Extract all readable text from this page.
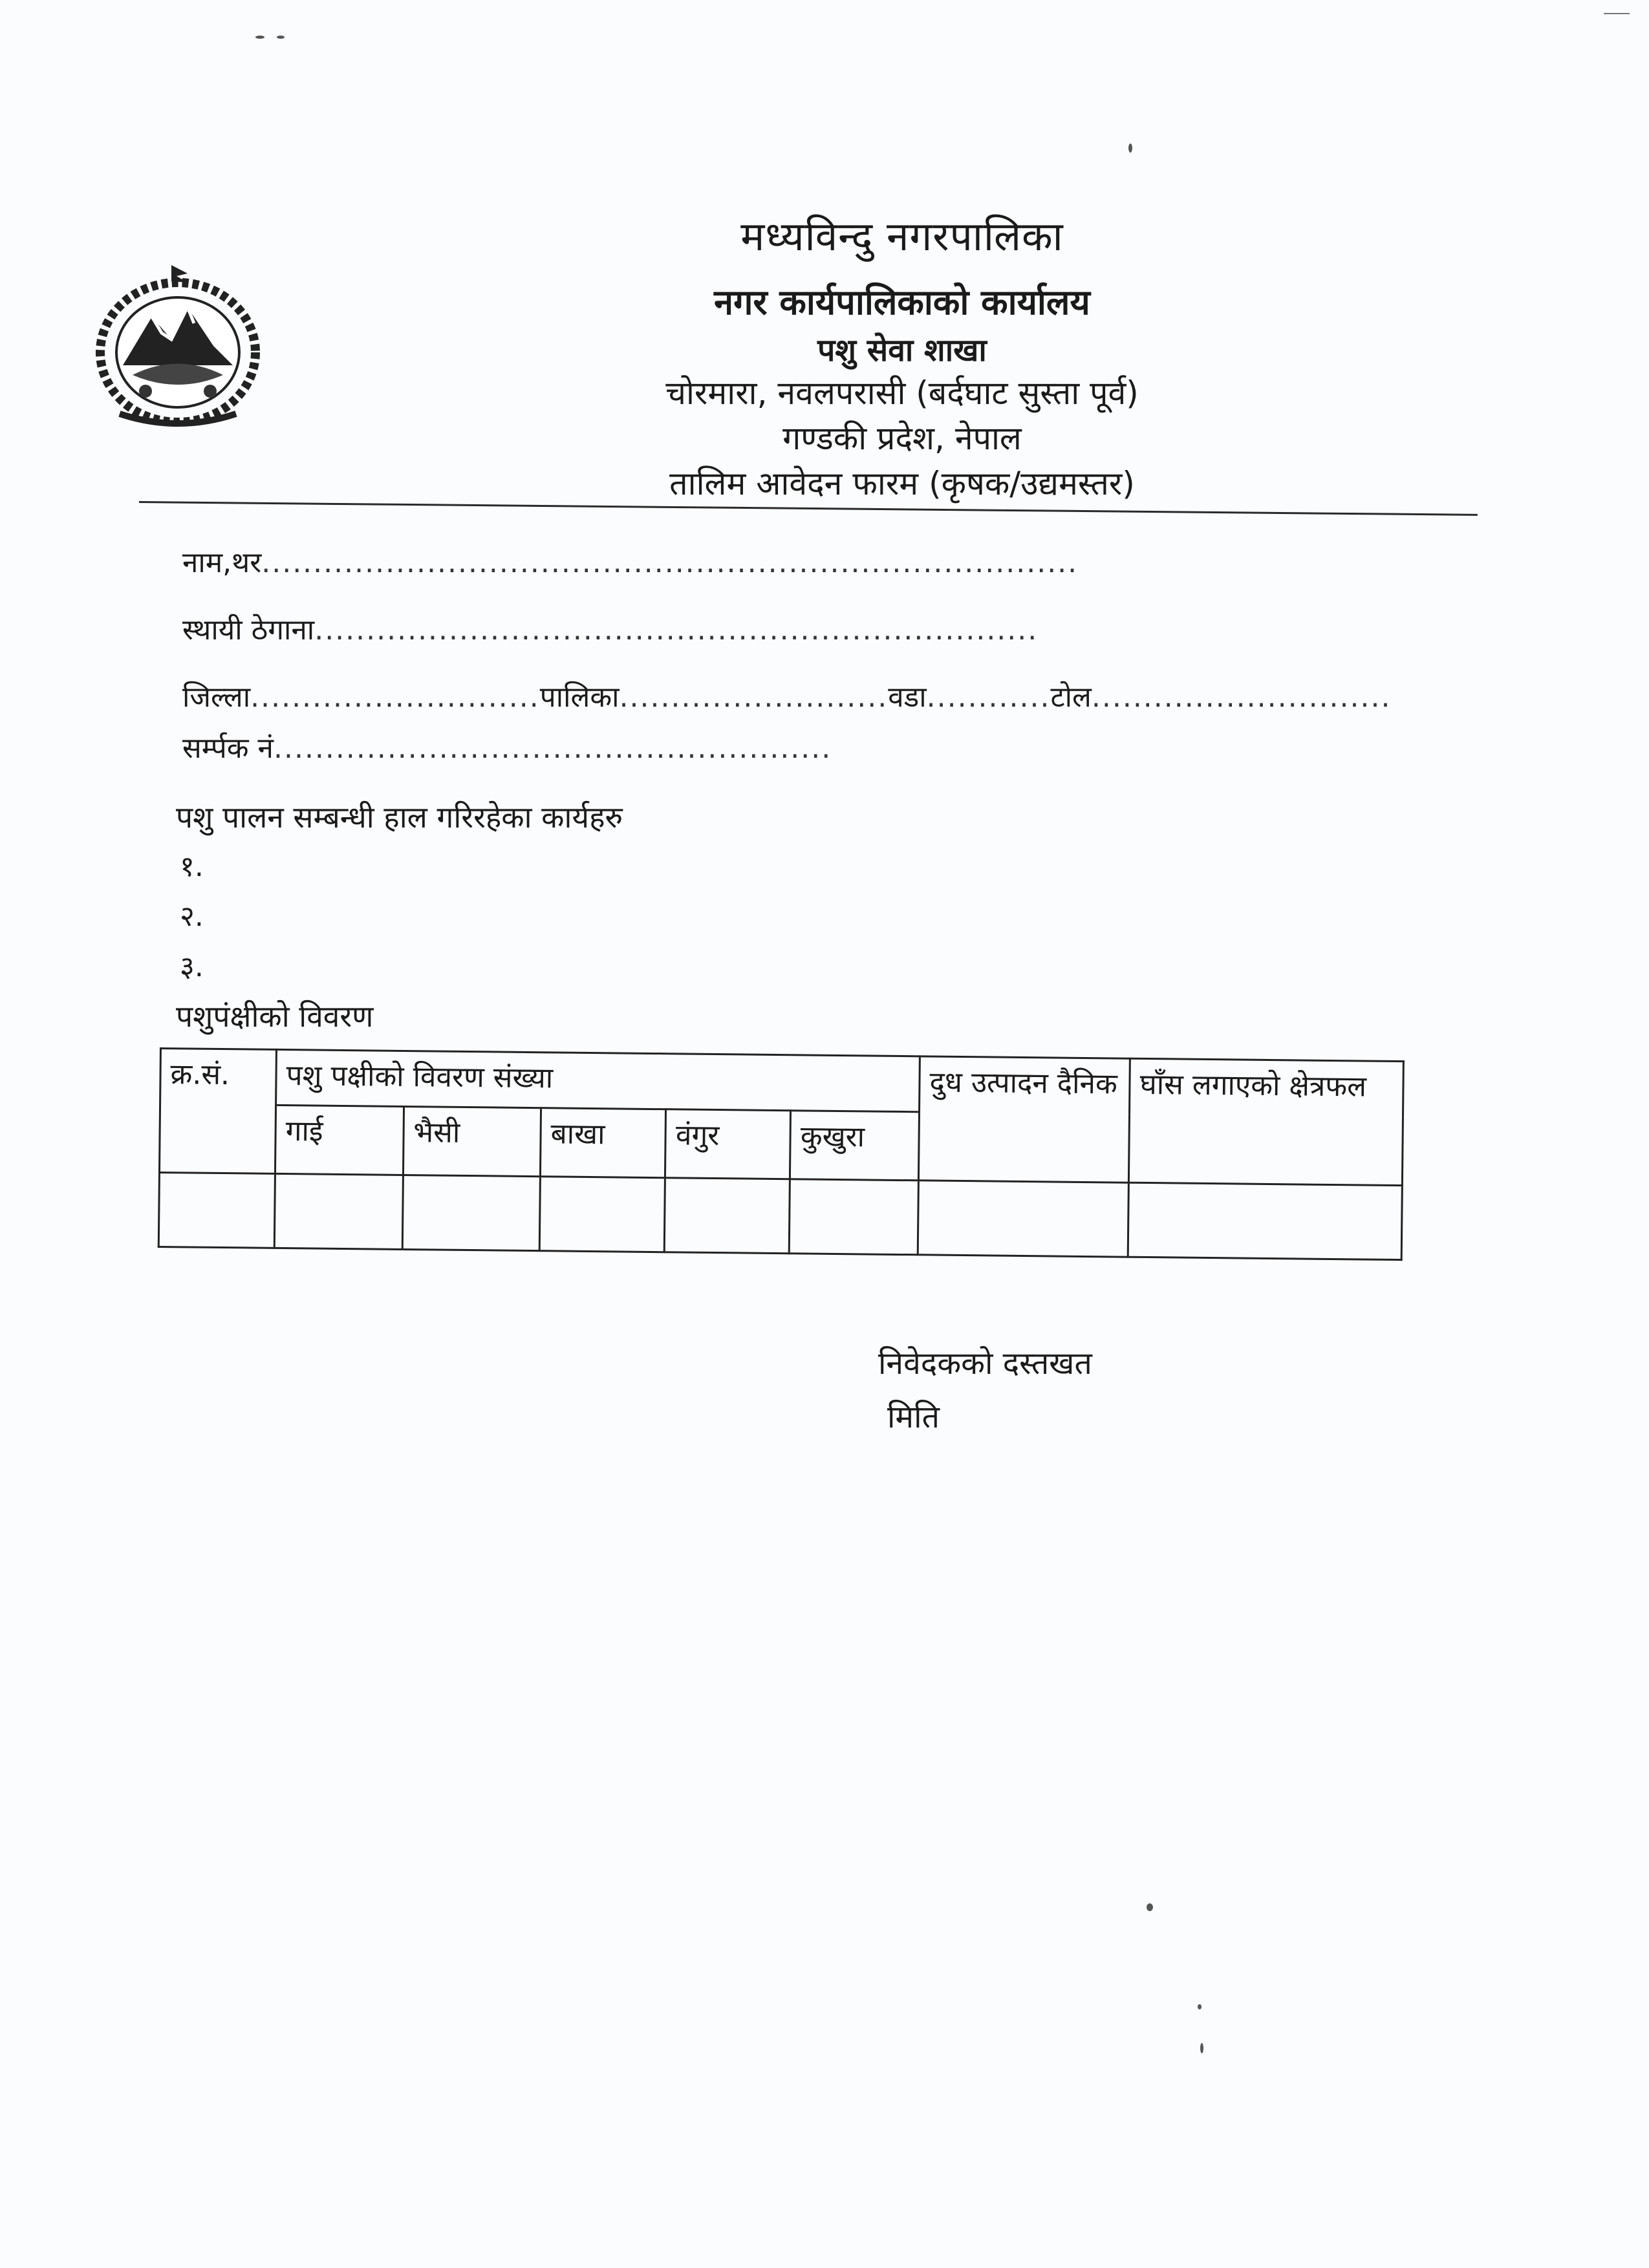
मध्यविन्दु नगरपालिका
नगर कार्यपालिकाको कार्यालय
पशु सेवा शाखा
चोरमारा, नवलपरासी (बर्दघाट सुस्ता पूर्व)
गण्डकी प्रदेश, नेपाल
तालिम आवेदन फारम (कृषक/उद्यमस्तर)
नाम,थर...............................................................................
स्थायी ठेगाना......................................................................
जिल्ला............................पालिका..........................वडा............टोल.............................
सर्म्पक नं......................................................
पशु पालन सम्बन्धी हाल गरिरहेका कार्यहरु
१.
२.
३.
पशुपंक्षीको विवरण
क्र.सं.	पशु पक्षीको विवरण संख्या					दुध उत्पादन दैनिक	घाँस लगाएको क्षेत्रफल
	गाई	भैसी	बाखा	वंगुर	कुखुरा		

निवेदकको दस्तखत
मिति
